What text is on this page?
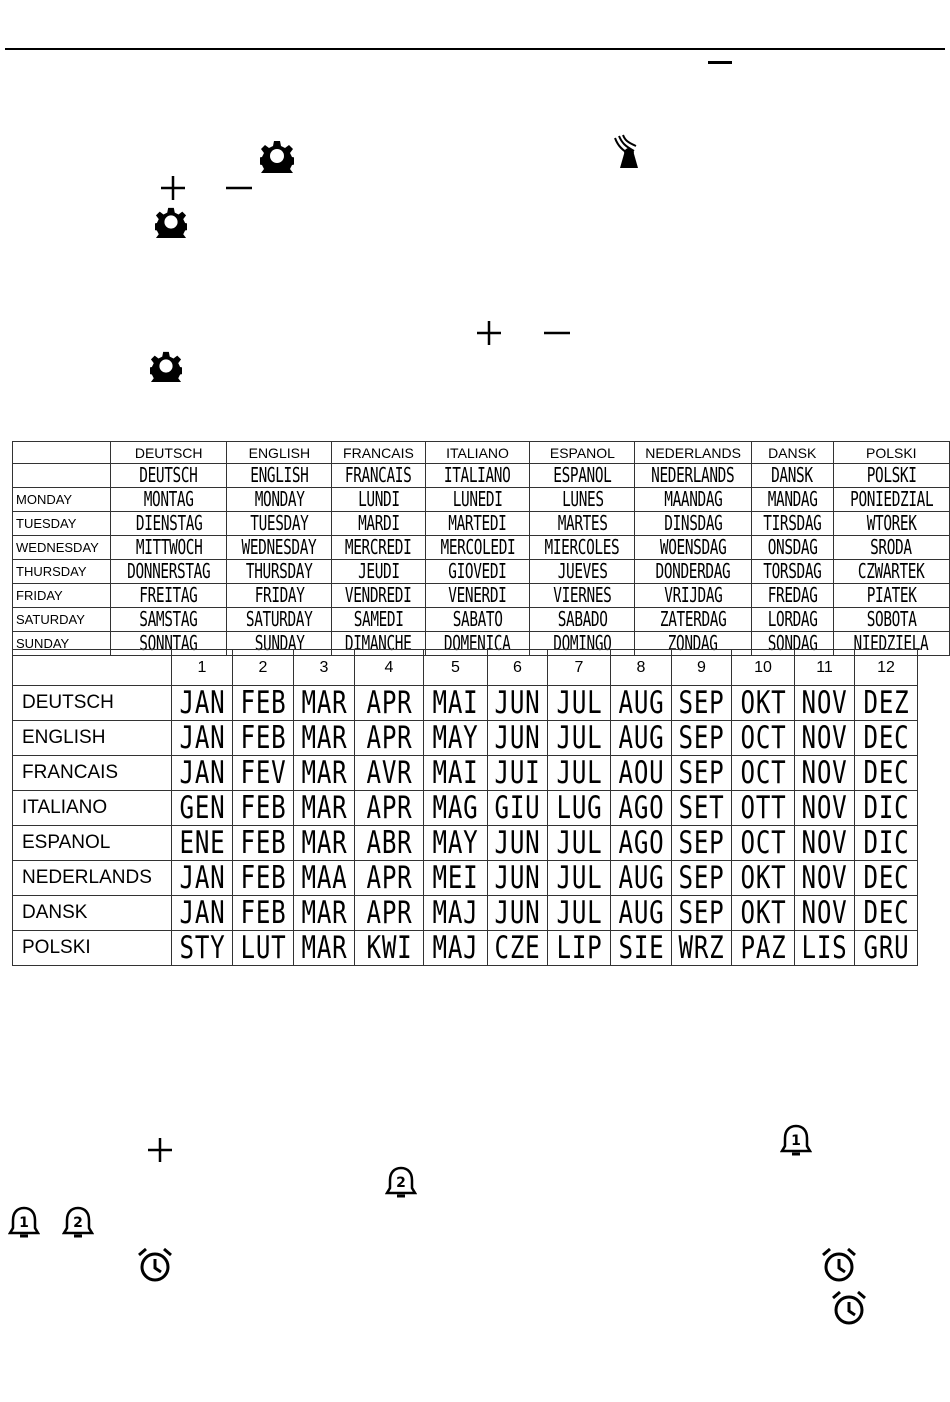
	DEUTSCH	ENGLISH	FRANCAIS	ITALIANO	ESPANOL	NEDERLANDS	DANSK	POLSKI
	DEUTSCH	ENGLISH	FRANCAIS	ITALIANO	ESPANOL	NEDERLANDS	DANSK	POLSKI
MONDAY	MONTAG	MONDAY	LUNDI	LUNEDI	LUNES	MAANDAG	MANDAG	PONIEDZIAL
TUESDAY	DIENSTAG	TUESDAY	MARDI	MARTEDI	MARTES	DINSDAG	TIRSDAG	WTOREK
WEDNESDAY	MITTWOCH	WEDNESDAY	MERCREDI	MERCOLEDI	MIERCOLES	WOENSDAG	ONSDAG	SRODA
THURSDAY	DONNERSTAG	THURSDAY	JEUDI	GIOVEDI	JUEVES	DONDERDAG	TORSDAG	CZWARTEK
FRIDAY	FREITAG	FRIDAY	VENDREDI	VENERDI	VIERNES	VRIJDAG	FREDAG	PIATEK
SATURDAY	SAMSTAG	SATURDAY	SAMEDI	SABATO	SABADO	ZATERDAG	LORDAG	SOBOTA
SUNDAY	SONNTAG	SUNDAY	DIMANCHE	DOMENICA	DOMINGO	ZONDAG	SONDAG	NIEDZIELA
	1	2	3	4	5	6	7	8	9	10	11	12
DEUTSCH	JAN	FEB	MAR	APR	MAI	JUN	JUL	AUG	SEP	OKT	NOV	DEZ
ENGLISH	JAN	FEB	MAR	APR	MAY	JUN	JUL	AUG	SEP	OCT	NOV	DEC
FRANCAIS	JAN	FEV	MAR	AVR	MAI	JUI	JUL	AOU	SEP	OCT	NOV	DEC
ITALIANO	GEN	FEB	MAR	APR	MAG	GIU	LUG	AGO	SET	OTT	NOV	DIC
ESPANOL	ENE	FEB	MAR	ABR	MAY	JUN	JUL	AGO	SEP	OCT	NOV	DIC
NEDERLANDS	JAN	FEB	MAA	APR	MEI	JUN	JUL	AUG	SEP	OKT	NOV	DEC
DANSK	JAN	FEB	MAR	APR	MAJ	JUN	JUL	AUG	SEP	OKT	NOV	DEC
POLSKI	STY	LUT	MAR	KWI	MAJ	CZE	LIP	SIE	WRZ	PAZ	LIS	GRU
1
2
1	2
